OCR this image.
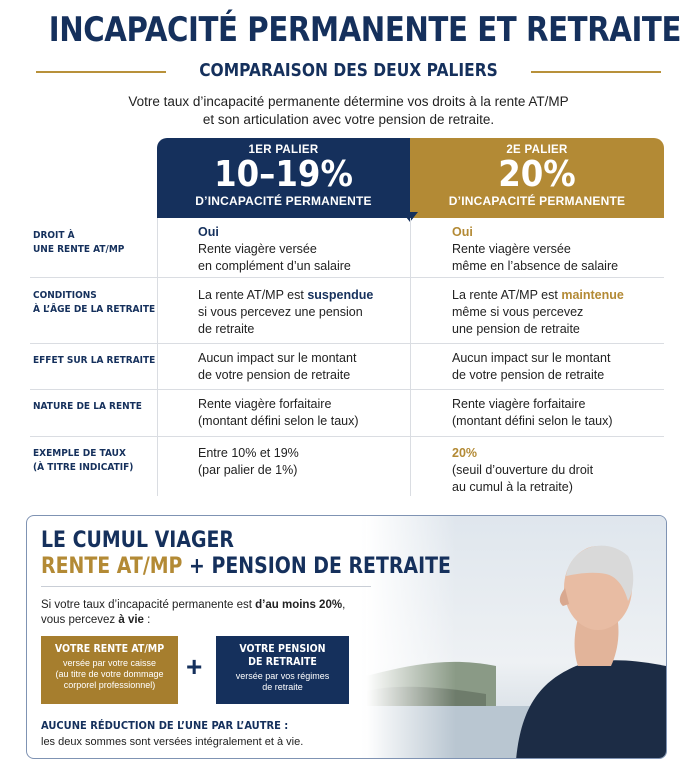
INCAPACITÉ PERMANENTE ET RETRAITE
COMPARAISON DES DEUX PALIERS
Votre taux d’incapacité permanente détermine vos droits à la rente AT/MP
et son articulation avec votre pension de retraite.
1ER PALIER
10–19%
D’INCAPACITÉ PERMANENTE
2E PALIER
20%
D’INCAPACITÉ PERMANENTE
DROIT À
UNE RENTE AT/MP
Oui
Rente viagère versée
en complément d’un salaire
Oui
Rente viagère versée
même en l’absence de salaire
CONDITIONS
À L’ÂGE DE LA RETRAITE
La rente AT/MP est suspendue
si vous percevez une pension
de retraite
La rente AT/MP est maintenue
même si vous percevez
une pension de retraite
EFFET SUR LA RETRAITE	Aucun impact sur le montant
de votre pension de retraite
Aucun impact sur le montant
de votre pension de retraite
NATURE DE LA RENTE	Rente viagère forfaitaire
(montant défini selon le taux)
Rente viagère forfaitaire
(montant défini selon le taux)
EXEMPLE DE TAUX
(À TITRE INDICATIF)
Entre 10% et 19%
(par palier de 1%)
20%
(seuil d’ouverture du droit
au cumul à la retraite)
LE CUMUL VIAGER
RENTE AT/MP + PENSION DE RETRAITE
Si votre taux d’incapacité permanente est d’au moins 20%,
vous percevez à vie :
VOTRE RENTE AT/MP
versée par votre caisse
(au titre de votre dommage
corporel professionnel)
+
VOTRE PENSION
DE RETRAITE
versée par vos régimes
de retraite
AUCUNE RÉDUCTION DE L’UNE PAR L’AUTRE :
les deux sommes sont versées intégralement et à vie.
